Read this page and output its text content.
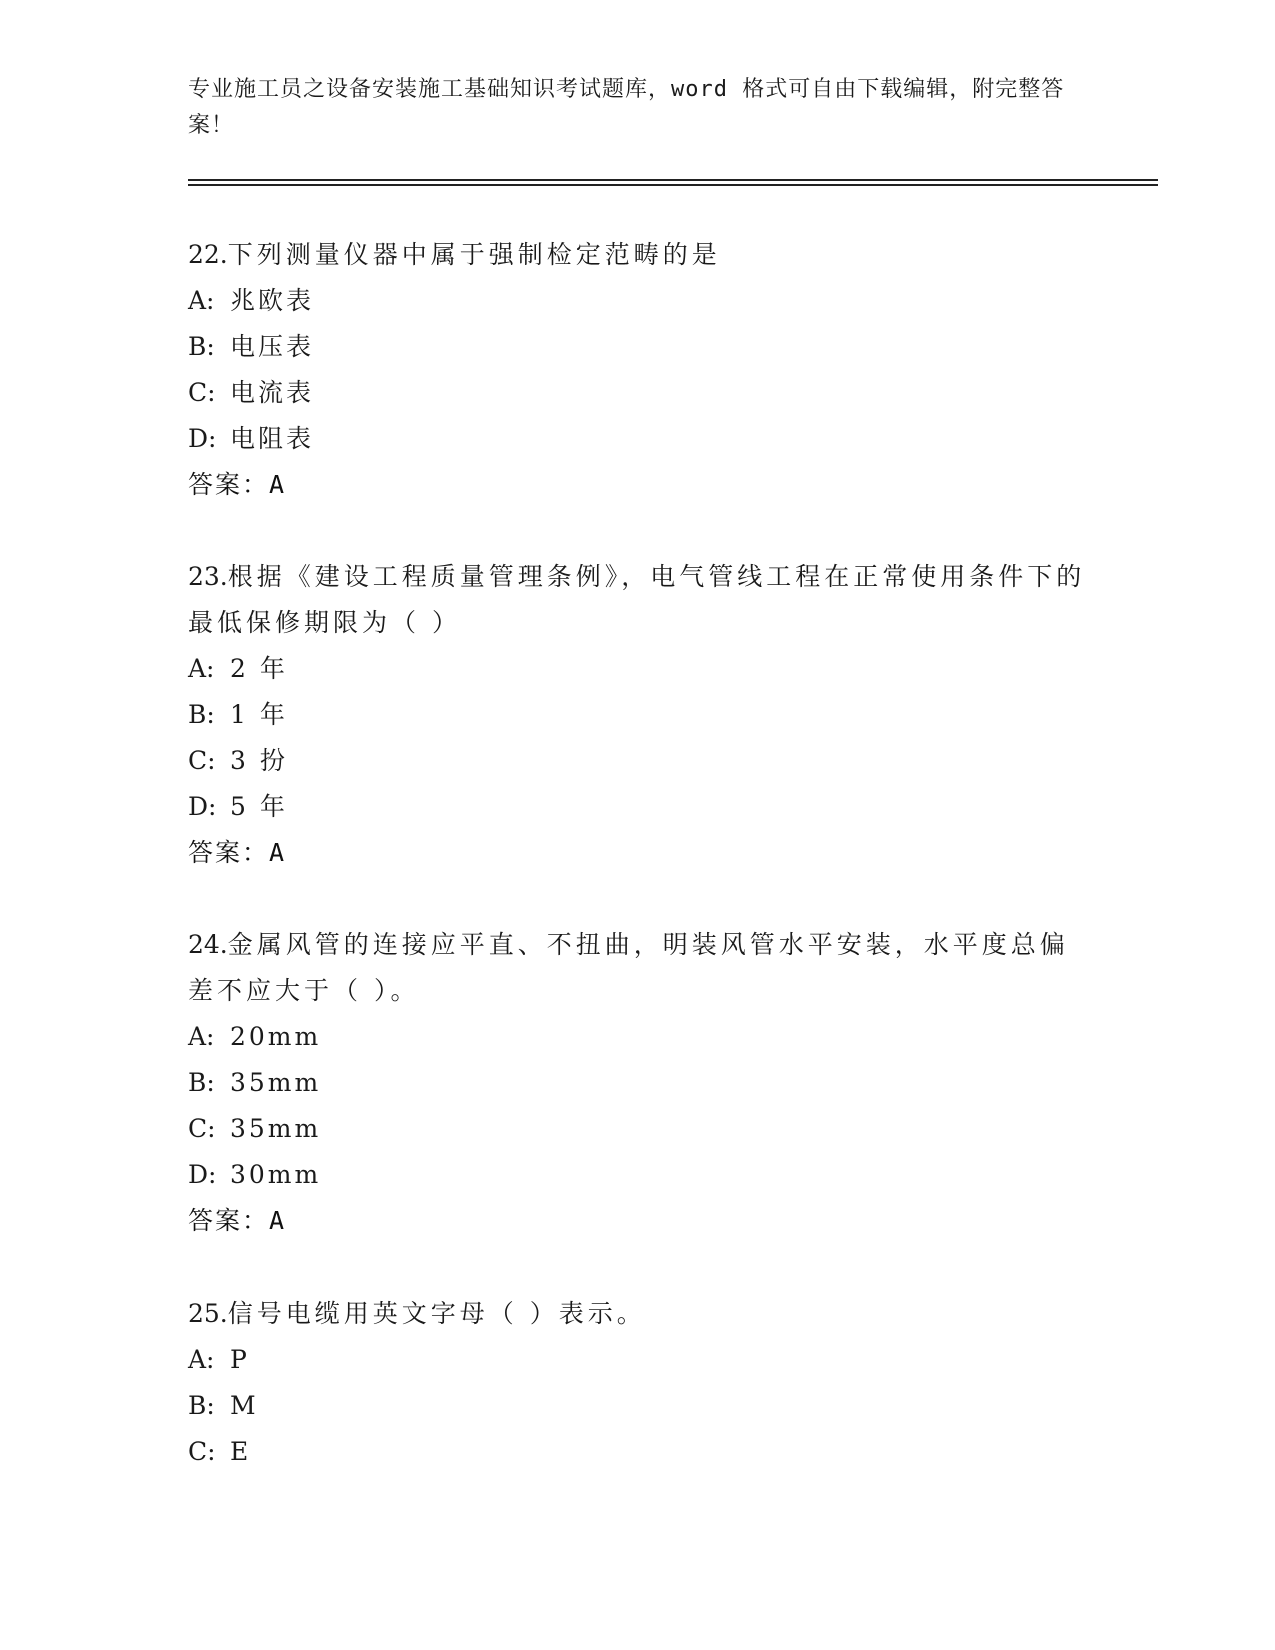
专业施工员之设备安装施工基础知识考试题库，word 格式可自由下载编辑，附完整答案！
22.下列测量仪器中属于强制检定范畴的是
A: 兆欧表
B: 电压表
C: 电流表
D: 电阻表
答案：A
23.根据《建设工程质量管理条例》，电气管线工程在正常使用条件下的最低保修期限为（ ）
A: 2 年
B: 1 年
C: 3 扮
D: 5 年
答案：A
24.金属风管的连接应平直、不扭曲，明装风管水平安装，水平度总偏差不应大于（ ）。
A: 20mm
B: 35mm
C: 35mm
D: 30mm
答案：A
25.信号电缆用英文字母（ ）表示。
A: P
B: M
C: E
